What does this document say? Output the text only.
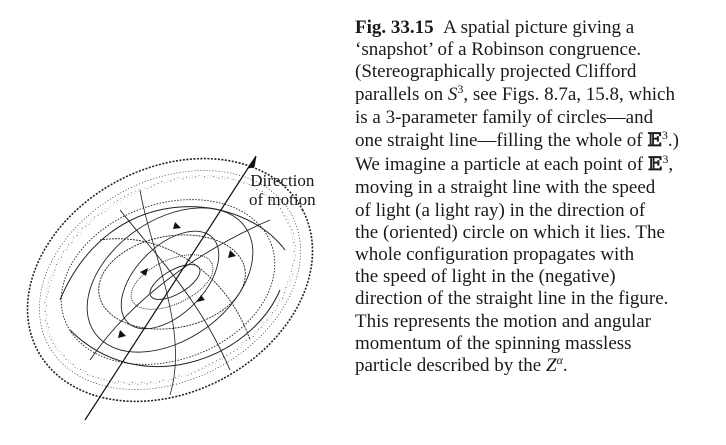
Direction
of motion
Fig. 33.15 A spatial picture giving a
‘snapshot’ of a Robinson congruence.
(Stereographically projected Clifford
parallels on $S^3$, see Figs. 8.7a, 15.8, which
is a 3-parameter family of circles—and
one straight line—filling the whole of 𝔼$^3$.)
We imagine a particle at each point of 𝔼$^3$,
moving in a straight line with the speed
of light (a light ray) in the direction of
the (oriented) circle on which it lies. The
whole configuration propagates with
the speed of light in the (negative)
direction of the straight line in the figure.
This represents the motion and angular
momentum of the spinning massless
particle described by the $Z^\alpha$.
